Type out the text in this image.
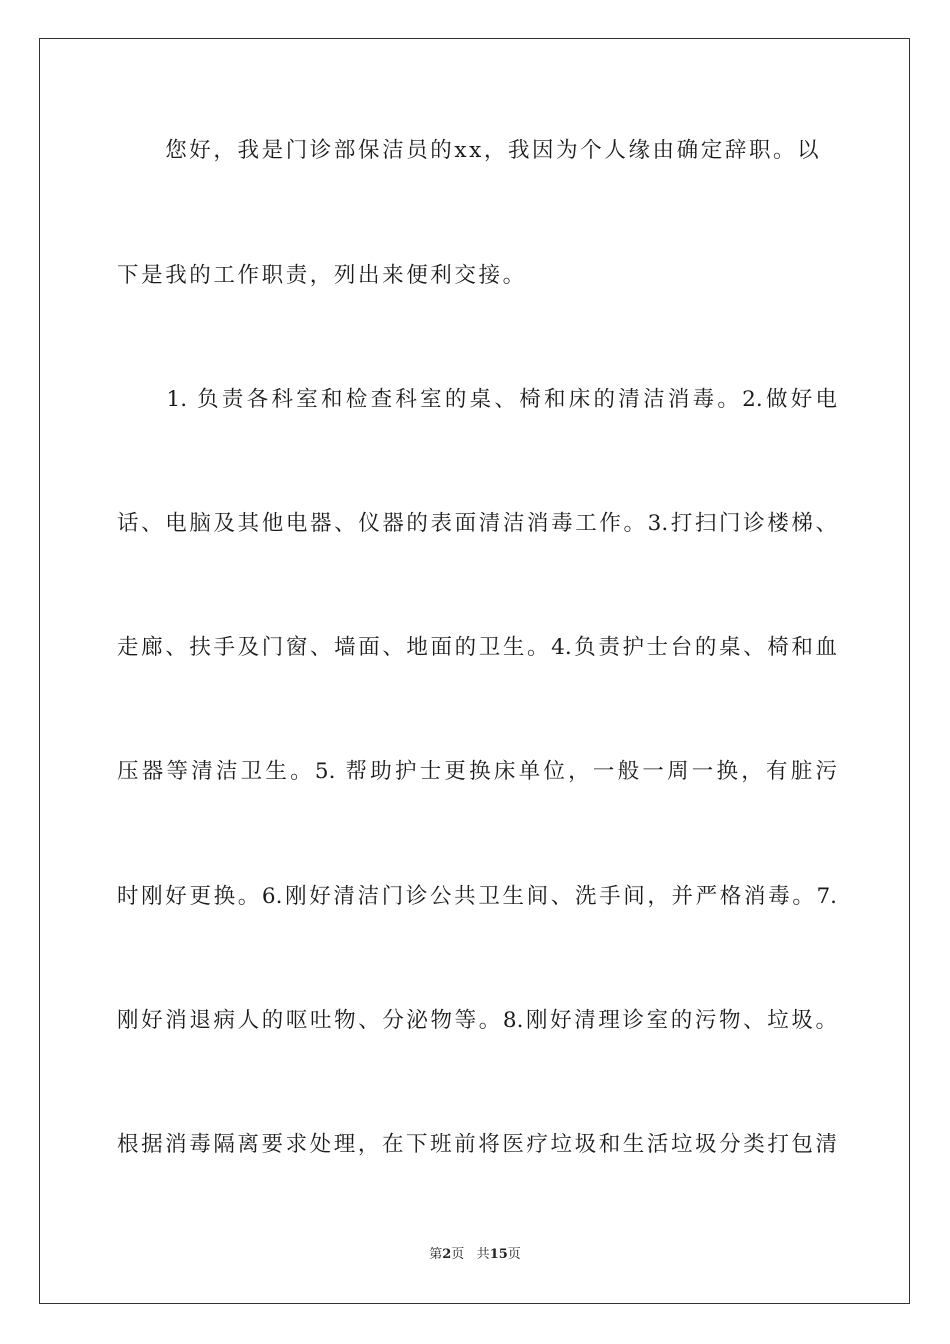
　　您好，我是门诊部保洁员的xx，我因为个人缘由确定辞职。以
下是我的工作职责，列出来便利交接。
　　1. 负责各科室和检查科室的桌、椅和床的清洁消毒。2.做好电
话、电脑及其他电器、仪器的表面清洁消毒工作。3.打扫门诊楼梯、
走廊、扶手及门窗、墙面、地面的卫生。4.负责护士台的桌、椅和血
压器等清洁卫生。5. 帮助护士更换床单位，一般一周一换，有脏污
时刚好更换。6.刚好清洁门诊公共卫生间、洗手间，并严格消毒。7.
刚好消退病人的呕吐物、分泌物等。8.刚好清理诊室的污物、垃圾。
根据消毒隔离要求处理，在下班前将医疗垃圾和生活垃圾分类打包清
第2页 共15页
